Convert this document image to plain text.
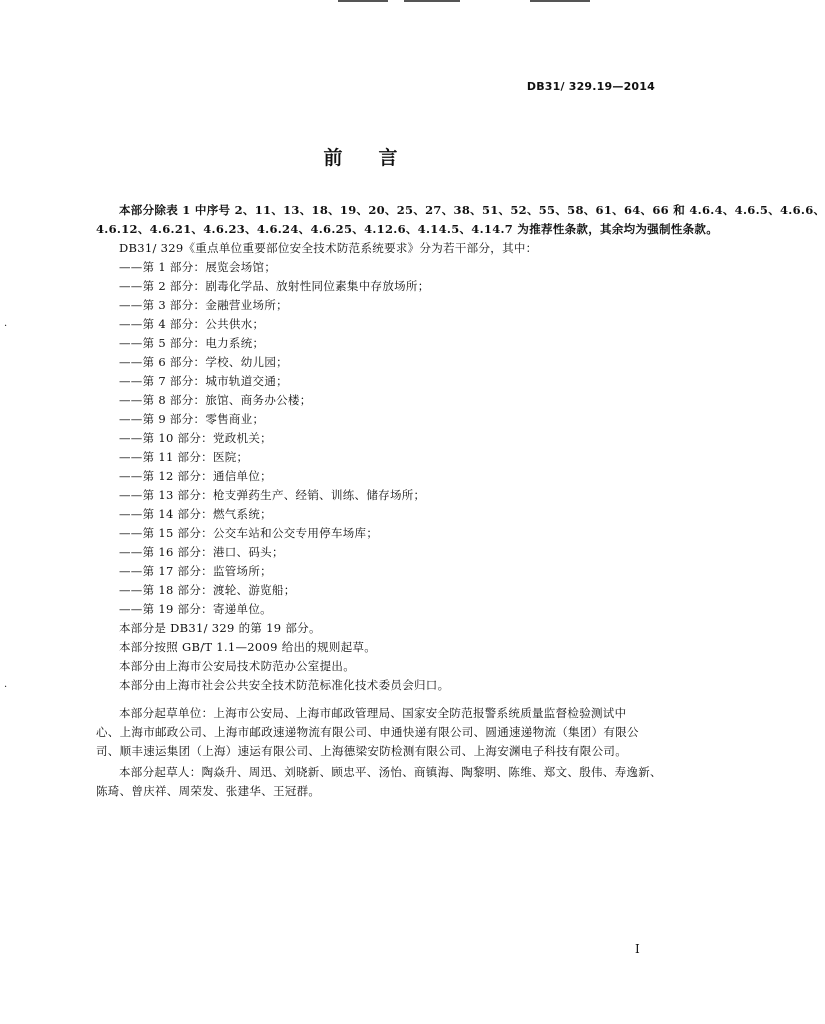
DB31/ 329.19—2014
前 言
本部分除表 1 中序号 2、11、13、18、19、20、25、27、38、51、52、55、58、61、64、66 和 4.6.4、4.6.5、4.6.6、
4.6.12、4.6.21、4.6.23、4.6.24、4.6.25、4.12.6、4.14.5、4.14.7 为推荐性条款，其余均为强制性条款。
DB31/ 329《重点单位重要部位安全技术防范系统要求》分为若干部分，其中：
——第 1 部分：展览会场馆；
——第 2 部分：剧毒化学品、放射性同位素集中存放场所；
——第 3 部分：金融营业场所；
——第 4 部分：公共供水；
——第 5 部分：电力系统；
——第 6 部分：学校、幼儿园；
——第 7 部分：城市轨道交通；
——第 8 部分：旅馆、商务办公楼；
——第 9 部分：零售商业；
——第 10 部分：党政机关；
——第 11 部分：医院；
——第 12 部分：通信单位；
——第 13 部分：枪支弹药生产、经销、训练、储存场所；
——第 14 部分：燃气系统；
——第 15 部分：公交车站和公交专用停车场库；
——第 16 部分：港口、码头；
——第 17 部分：监管场所；
——第 18 部分：渡轮、游览船；
——第 19 部分：寄递单位。
本部分是 DB31/ 329 的第 19 部分。
本部分按照 GB/T 1.1—2009 给出的规则起草。
本部分由上海市公安局技术防范办公室提出。
本部分由上海市社会公共安全技术防范标准化技术委员会归口。
本部分起草单位：上海市公安局、上海市邮政管理局、国家安全防范报警系统质量监督检验测试中
心、上海市邮政公司、上海市邮政速递物流有限公司、申通快递有限公司、圆通速递物流（集团）有限公
司、顺丰速运集团（上海）速运有限公司、上海德梁安防检测有限公司、上海安渊电子科技有限公司。
本部分起草人：陶焱升、周迅、刘晓新、顾忠平、汤怡、商镇海、陶黎明、陈维、郑文、殷伟、寿逸新、
陈琦、曾庆祥、周荣发、张建华、王冠群。
·
·
I
